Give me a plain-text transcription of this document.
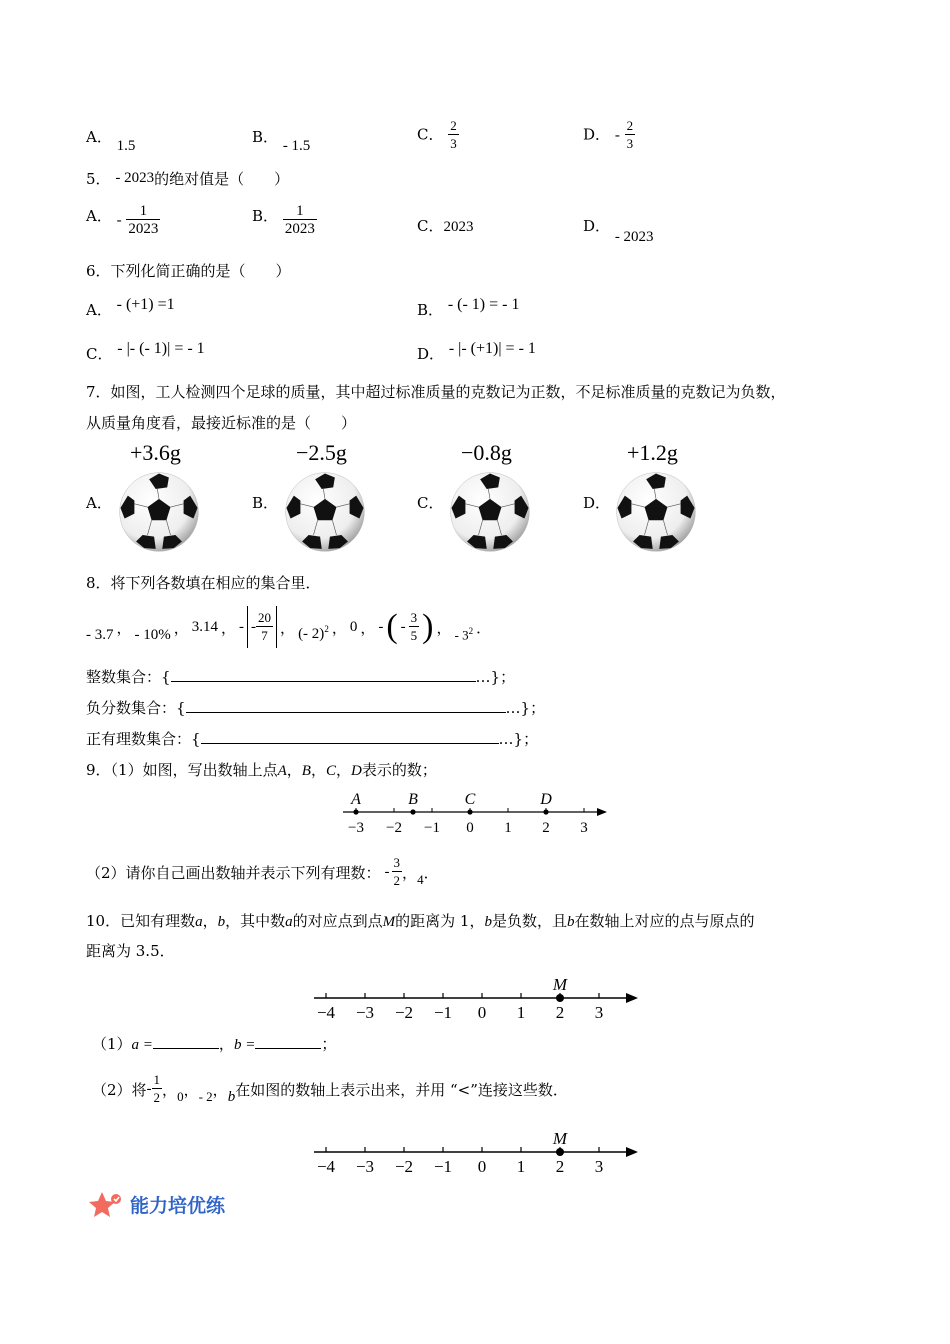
A． 1.5	B． - 1.5
C． $\frac{2}{3}$	D． - $\frac{2}{3}$
5． - 2023的绝对值是（　　）
A． - $\frac{1}{2023}$	B． $\frac{1}{2023}$	C．2023	D． - 2023
6．下列化简正确的是（　　）
A． - (+1) =1	B． - (- 1) = - 1
C． - |- (- 1)| = - 1	D． - |- (+1)| = - 1
7．如图，工人检测四个足球的质量，其中超过标准质量的克数记为正数，不足标准质量的克数记为负数，
从质量角度看，最接近标准的是（　　）
A．
+3.6g
B．
−2.5g
C．
−0.8g
D．
+1.2g
8．将下列各数填在相应的集合里．
- 3.7 ， - 10% ， 3.14 ， - - $\frac{20}{7}$ ， (- 2)$^2$ ， 0 ， - ( - $\frac{3}{5}$ ) ， - $3^2$ ．
整数集合：{	…}；
负分数集合：{	…}；
正有理数集合：{	…}；
9．（1）如图，写出数轴上点A，B，C，D表示的数；
−3 −2 −1 0 1 2 3
A	B	C	D
（2）请你自己画出数轴并表示下列有理数： - $\frac{3}{2}$ ， 4 ．
10．已知有理数a，b，其中数a的对应点到点M的距离为 1，b是负数，且b在数轴上对应的点与原点的
距离为 3.5．
−4 −3 −2 −1 0 1 2 3
M
（1）a =	，b =	；
（2）将 - $\frac{1}{2}$ ， 0 ， - 2 ， b 在如图的数轴上表示出来，并用 “<”连接这些数．
−4 −3 −2 −1 0 1 2 3
M
能力培优练
